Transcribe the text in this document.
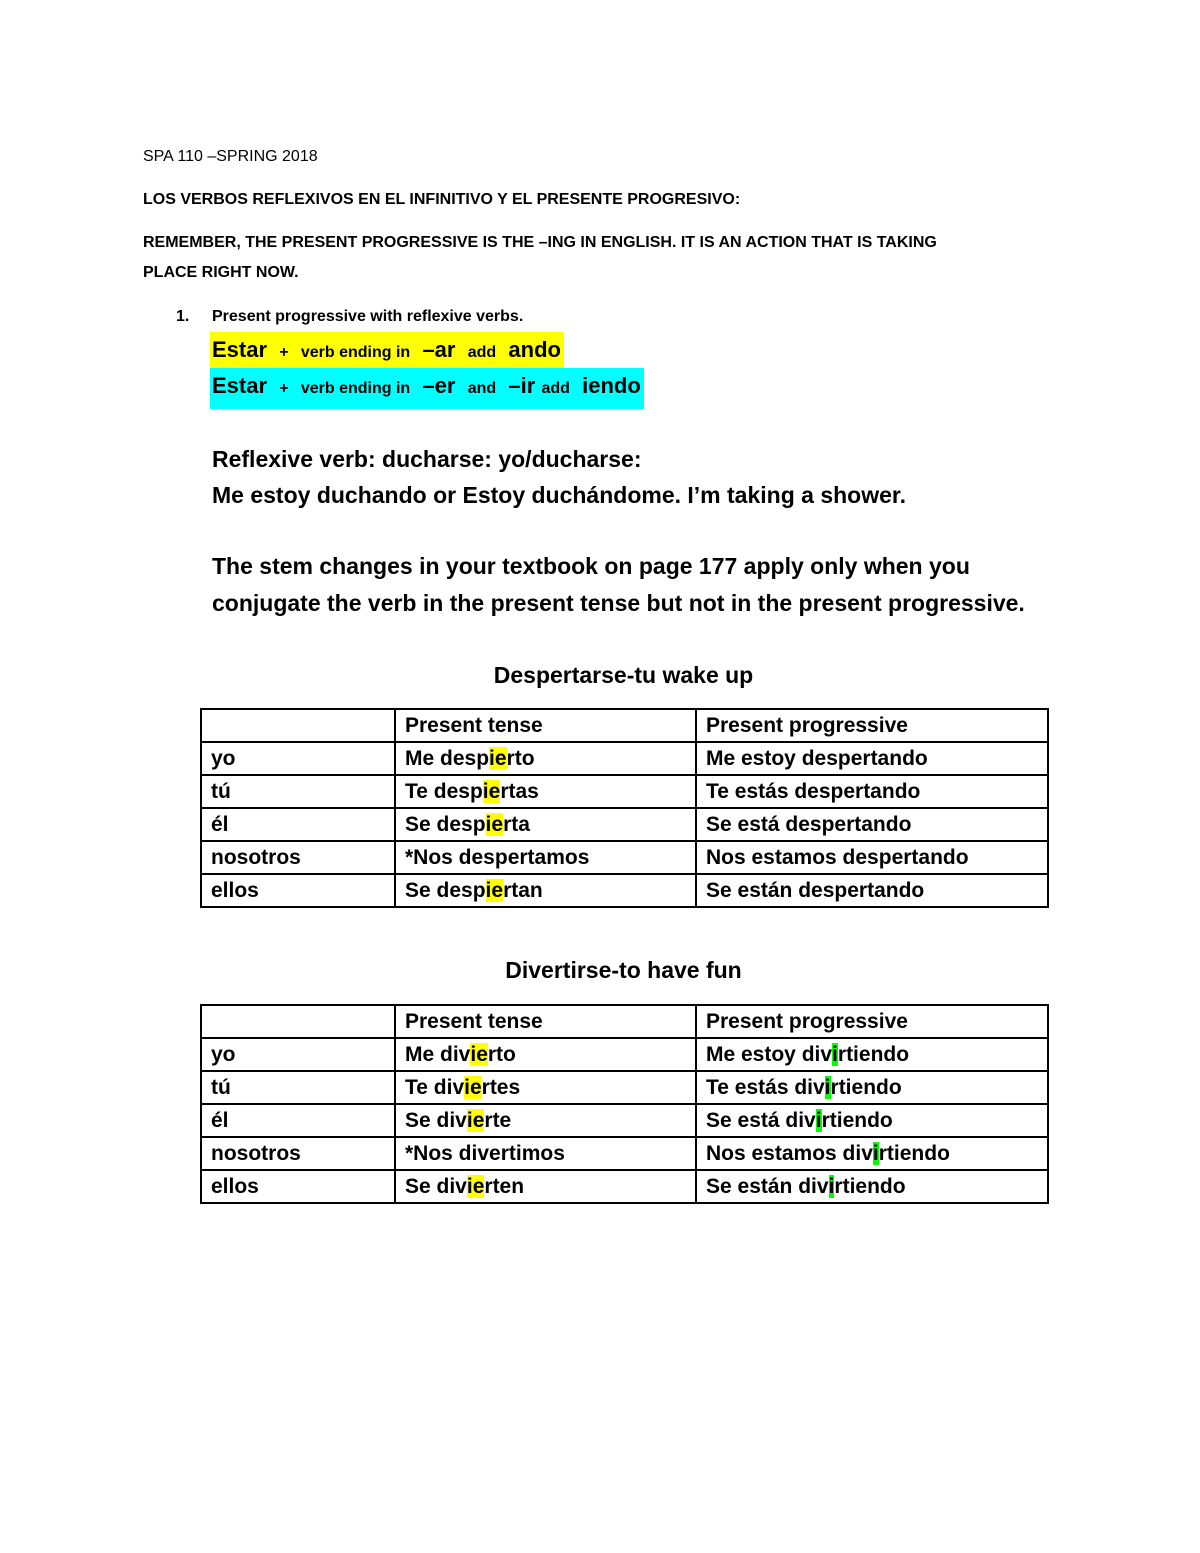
SPA 110 –SPRING 2018
LOS VERBOS REFLEXIVOS EN EL INFINITIVO Y EL PRESENTE PROGRESIVO:
REMEMBER, THE PRESENT PROGRESSIVE IS THE –ING IN ENGLISH. IT IS AN ACTION THAT IS TAKING
PLACE RIGHT NOW.
1. Present progressive with reflexive verbs.
Estar + verb ending in –ar add ando
Estar + verb ending in –er and –ir add iendo
Reflexive verb: ducharse: yo/ducharse:
Me estoy duchando or Estoy duchándome. I’m taking a shower.
The stem changes in your textbook on page 177 apply only when you
conjugate the verb in the present tense but not in the present progressive.
Despertarse-tu wake up
	Present tense	Present progressive
yo	Me despierto	Me estoy despertando
tú	Te despiertas	Te estás despertando
él	Se despierta	Se está despertando
nosotros	*Nos despertamos	Nos estamos despertando
ellos	Se despiertan	Se están despertando
Divertirse-to have fun
	Present tense	Present progressive
yo	Me divierto	Me estoy divirtiendo
tú	Te diviertes	Te estás divirtiendo
él	Se divierte	Se está divirtiendo
nosotros	*Nos divertimos	Nos estamos divirtiendo
ellos	Se divierten	Se están divirtiendo
